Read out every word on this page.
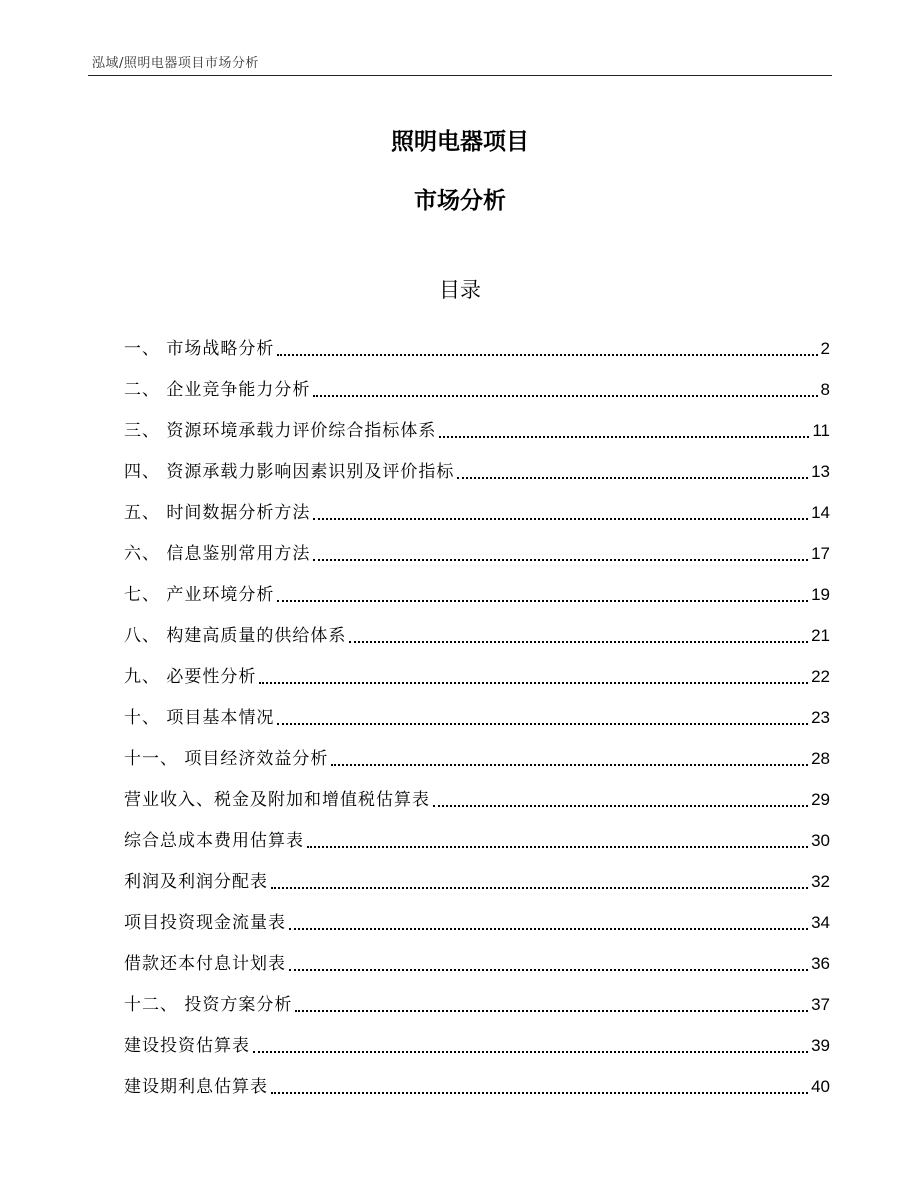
泓域/照明电器项目市场分析
照明电器项目
市场分析
目录
一、 市场战略分析	2
二、 企业竞争能力分析	8
三、 资源环境承载力评价综合指标体系	11
四、 资源承载力影响因素识别及评价指标	13
五、 时间数据分析方法	14
六、 信息鉴别常用方法	17
七、 产业环境分析	19
八、 构建高质量的供给体系	21
九、 必要性分析	22
十、 项目基本情况	23
十一、 项目经济效益分析	28
营业收入、税金及附加和增值税估算表	29
综合总成本费用估算表	30
利润及利润分配表	32
项目投资现金流量表	34
借款还本付息计划表	36
十二、 投资方案分析	37
建设投资估算表	39
建设期利息估算表	40
